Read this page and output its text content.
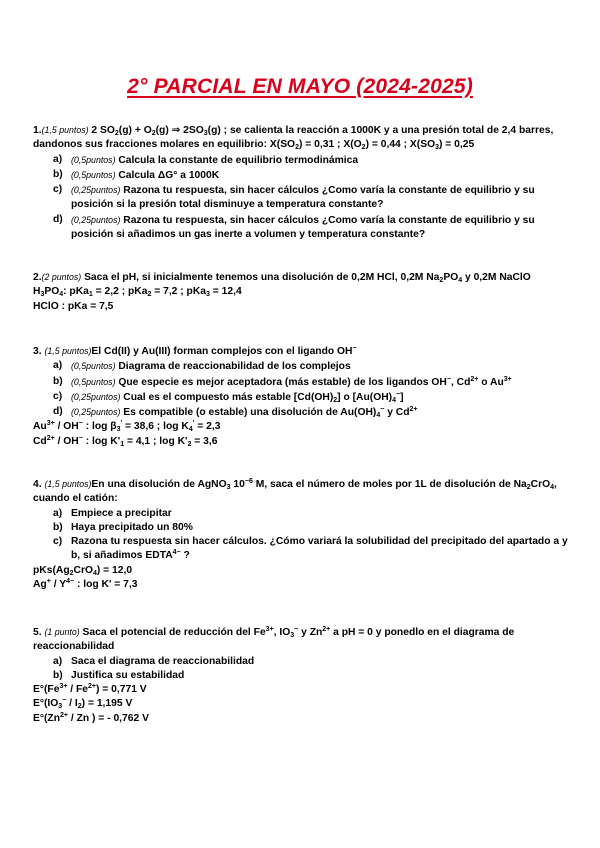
2° PARCIAL EN MAYO (2024-2025)
1.(1,5 puntos) 2 $SO_2(g) + O_2(g)$ ⇒ $2SO_3(g)$ ; se calienta la reacción a 1000K y a una presión total de 2,4 barres, dandonos sus fracciones molares en equilibrio: $X(SO_2) = 0,31$ ; $X(O_2) = 0,44$ ; $X(SO_3) = 0,25$
a) (0,5puntos) Calcula la constante de equilibrio termodinámica
b) (0,5puntos) Calcula ΔG° a 1000K
c) (0,25puntos) Razona tu respuesta, sin hacer cálculos ¿Como varía la constante de equilibrio y su posición si la presión total disminuye a temperatura constante?
d) (0,25puntos) Razona tu respuesta, sin hacer cálculos ¿Como varía la constante de equilibrio y su posición si añadimos un gas inerte a volumen y temperatura constante?
2.(2 puntos) Saca el pH, si inicialmente tenemos una disolución de 0,2M HCl, 0,2M $Na_2PO_4$ y 0,2M NaClO
$H_3PO_4$: pKa$_1$ = 2,2 ; pKa$_2$ = 7,2 ; pKa$_3$ = 12,4
HClO : pKa = 7,5
3. (1,5 puntos)El Cd(II) y Au(III) forman complejos con el ligando OH−
a) (0,5puntos) Diagrama de reaccionabilidad de los complejos
b) (0,5puntos) Que especie es mejor aceptadora (más estable) de los ligandos OH−, $Cd^{2+}$ o $Au^{3+}$
c) (0,25puntos) Cual es el compuesto más estable $[Cd(OH)_2]$ o $[Au(OH)_4^-]$
d) (0,25puntos) Es compatible (o estable) una disolución de $Au(OH)_4^-$ y $Cd^{2+}$
$Au^{3+} / OH^-$ : $\log \beta_3' = 38,6$ ; $\log K_4' = 2,3$
$Cd^{2+} / OH^-$ : $\log K'_1 = 4,1$ ; $\log K'_2 = 3,6$
4. (1,5 puntos)En una disolución de AgNO$_3$ $10^{-6}$ M, saca el número de moles por 1L de disolución de $Na_2CrO_4$, cuando el catión:
a) Empiece a precipitar
b) Haya precipitado un 80%
c) Razona tu respuesta sin hacer cálculos. ¿Cómo variará la solubilidad del precipitado del apartado a y b, si añadimos $EDTA^{4-}$ ?
$pKs(Ag_2CrO_4) = 12,0$
$Ag^+ / Y^{4-}$ : log K' = 7,3
5. (1 punto) Saca el potencial de reducción del $Fe^{3+}$, $IO_3^-$ y $Zn^{2+}$ a pH = 0 y ponedlo en el diagrama de reaccionabilidad
a) Saca el diagrama de reaccionabilidad
b) Justifica su estabilidad
$E^\circ(Fe^{3+} / Fe^{2+}) = 0,771$ V
$E^\circ(IO_3^- / I_2) = 1,195$ V
$E^\circ(Zn^{2+}$ / Zn ) = - 0,762 V
